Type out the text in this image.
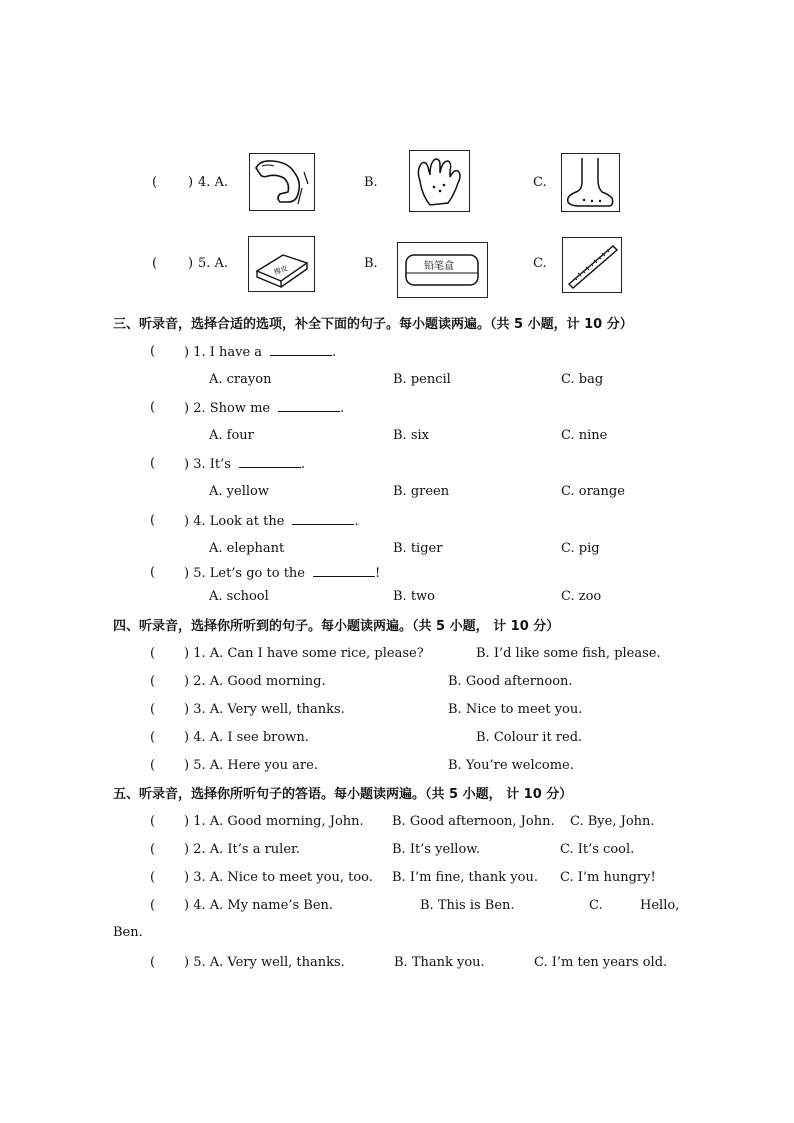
( ) 4. A.	B.	C.
( ) 5. A.	橡皮	B.	铅笔盒	C.
三、听录音，选择合适的选项，补全下面的句子。每小题读两遍。（共 5 小题，计 10 分）
( ) 1. I have a	.
A. crayon	B. pencil	C. bag
( ) 2. Show me	.
A. four	B. six	C. nine
( ) 3. It’s	.
A. yellow	B. green	C. orange
( ) 4. Look at the	.
A. elephant	B. tiger	C. pig
( ) 5. Let’s go to the	!
A. school	B. two	C. zoo
四、听录音，选择你所听到的句子。每小题读两遍。（共 5 小题， 计 10 分）
( ) 1. A. Can I have some rice, please?	B. I’d like some fish, please.
( ) 2. A. Good morning.	B. Good afternoon.
( ) 3. A. Very well, thanks.	B. Nice to meet you.
( ) 4. A. I see brown.	B. Colour it red.
( ) 5. A. Here you are.	B. You’re welcome.
五、听录音，选择你所听句子的答语。每小题读两遍。（共 5 小题， 计 10 分）
( ) 1. A. Good morning, John. B. Good afternoon, John. C. Bye, John.
( ) 2. A. It’s a ruler.	B. It’s yellow.	C. It’s cool.
( ) 3. A. Nice to meet you, too. B. I’m fine, thank you. C. I’m hungry!
( ) 4. A. My name’s Ben.	B. This is Ben.	C.	Hello,
Ben.
( ) 5. A. Very well, thanks.	B. Thank you.	C. I’m ten years old.
